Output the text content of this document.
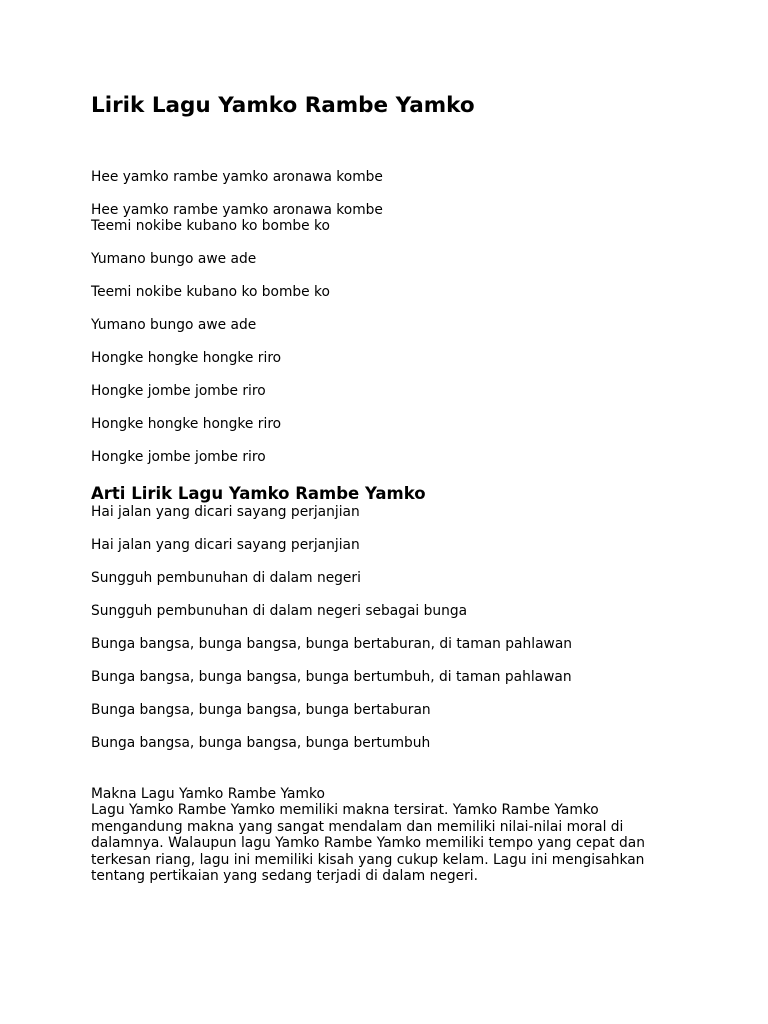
Lirik Lagu Yamko Rambe Yamko
Hee yamko rambe yamko aronawa kombe
Hee yamko rambe yamko aronawa kombe
Teemi nokibe kubano ko bombe ko
Yumano bungo awe ade
Teemi nokibe kubano ko bombe ko
Yumano bungo awe ade
Hongke hongke hongke riro
Hongke jombe jombe riro
Hongke hongke hongke riro
Hongke jombe jombe riro
Arti Lirik Lagu Yamko Rambe Yamko
Hai jalan yang dicari sayang perjanjian
Hai jalan yang dicari sayang perjanjian
Sungguh pembunuhan di dalam negeri
Sungguh pembunuhan di dalam negeri sebagai bunga
Bunga bangsa, bunga bangsa, bunga bertaburan, di taman pahlawan
Bunga bangsa, bunga bangsa, bunga bertumbuh, di taman pahlawan
Bunga bangsa, bunga bangsa, bunga bertaburan
Bunga bangsa, bunga bangsa, bunga bertumbuh
Makna Lagu Yamko Rambe Yamko
Lagu Yamko Rambe Yamko memiliki makna tersirat. Yamko Rambe Yamko
mengandung makna yang sangat mendalam dan memiliki nilai-nilai moral di
dalamnya. Walaupun lagu Yamko Rambe Yamko memiliki tempo yang cepat dan
terkesan riang, lagu ini memiliki kisah yang cukup kelam. Lagu ini mengisahkan
tentang pertikaian yang sedang terjadi di dalam negeri.
